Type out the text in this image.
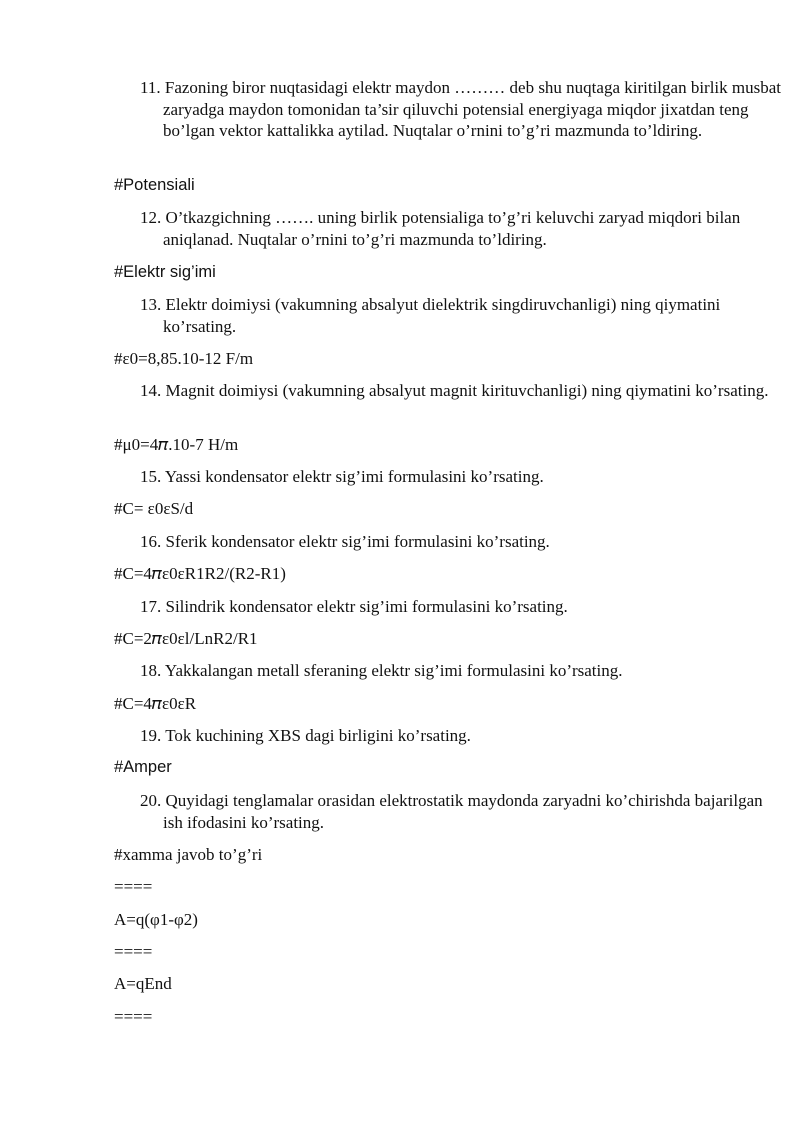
11. Fazoning biror nuqtasidagi elektr maydon ……… deb shu nuqtaga kiritilgan birlik musbat zaryadga maydon tomonidan ta’sir qiluvchi potensial energiyaga miqdor jixatdan teng bo’lgan vektor kattalikka aytilad. Nuqtalar o’rnini to’g’ri mazmunda to’ldiring.

#Potensiali

12. O’tkazgichning ……. uning birlik potensialiga to’g’ri keluvchi zaryad miqdori bilan aniqlanad. Nuqtalar o’rnini to’g’ri mazmunda to’ldiring.

#Elektr sig’imi

13. Elektr doimiysi (vakumning absalyut dielektrik singdiruvchanligi) ning qiymatini ko’rsating.

#ε0=8,85.10-12 F/m

14. Magnit doimiysi (vakumning absalyut magnit kirituvchanligi) ning qiymatini ko’rsating.

#μ0=4𝜋.10-7 H/m

15. Yassi kondensator elektr sig’imi formulasini ko’rsating.

#C= ε0εS/d

16. Sferik kondensator elektr sig’imi formulasini ko’rsating.

#C=4𝜋ε0εR1R2/(R2-R1)

17. Silindrik kondensator elektr sig’imi formulasini ko’rsating.

#C=2𝜋ε0εl/LnR2/R1

18. Yakkalangan metall sferaning elektr sig’imi formulasini ko’rsating.

#C=4𝜋ε0εR

19. Tok kuchining XBS dagi birligini ko’rsating.

#Amper

20. Quyidagi tenglamalar orasidan elektrostatik maydonda zaryadni ko’chirishda bajarilgan ish ifodasini ko’rsating.

#xamma javob to’g’ri

====

A=q(φ1-φ2)

====

A=qEnd

====
